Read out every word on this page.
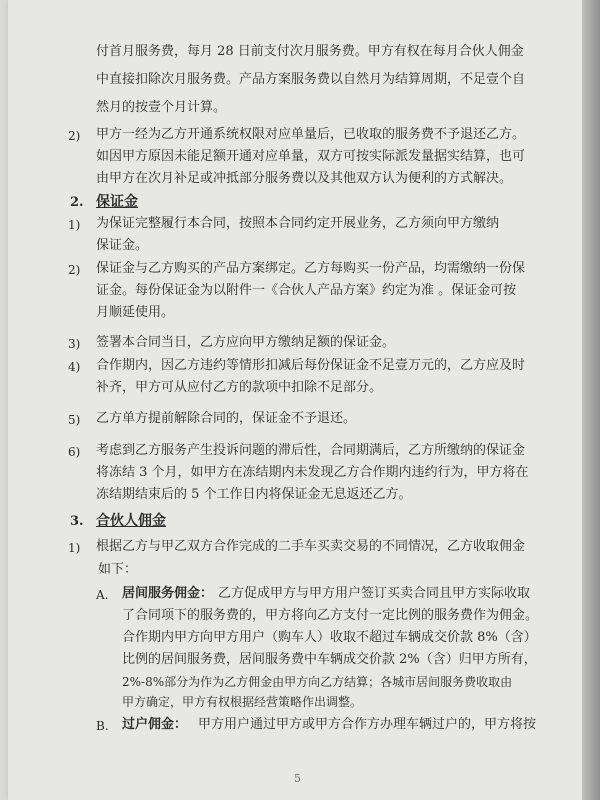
付首月服务费，每月 28 日前支付次月服务费。甲方有权在每月合伙人佣金
中直接扣除次月服务费。产品方案服务费以自然月为结算周期，不足壹个自
然月的按壹个月计算。
2) 甲方一经为乙方开通系统权限对应单量后，已收取的服务费不予退还乙方。
如因甲方原因未能足额开通对应单量，双方可按实际派发量据实结算，也可
由甲方在次月补足或冲抵部分服务费以及其他双方认为便利的方式解决。
2. 保证金
1) 为保证完整履行本合同，按照本合同约定开展业务，乙方须向甲方缴纳
保证金。
2) 保证金与乙方购买的产品方案绑定。乙方每购买一份产品，均需缴纳一份保
证金。每份保证金为以附件一《合伙人产品方案》约定为准 。保证金可按
月顺延使用。
3) 签署本合同当日，乙方应向甲方缴纳足额的保证金。
4) 合作期内，因乙方违约等情形扣减后每份保证金不足壹万元的，乙方应及时
补齐，甲方可从应付乙方的款项中扣除不足部分。
5) 乙方单方提前解除合同的，保证金不予退还。
6) 考虑到乙方服务产生投诉问题的滞后性，合同期满后，乙方所缴纳的保证金
将冻结 3 个月，如甲方在冻结期内未发现乙方合作期内违约行为，甲方将在
冻结期结束后的 5 个工作日内将保证金无息返还乙方。
3. 合伙人佣金
1) 根据乙方与甲乙双方合作完成的二手车买卖交易的不同情况，乙方收取佣金
如下：
A. 居间服务佣金： 乙方促成甲方与甲方用户签订买卖合同且甲方实际收取
了合同项下的服务费的，甲方将向乙方支付一定比例的服务费作为佣金。
合作期内甲方向甲方用户（购车人）收取不超过车辆成交价款 8%（含）
比例的居间服务费，居间服务费中车辆成交价款 2%（含）归甲方所有，
2%-8%部分为作为乙方佣金由甲方向乙方结算；各城市居间服务费收取由
甲方确定，甲方有权根据经营策略作出调整。
B. 过户佣金： 甲方用户通过甲方或甲方合作方办理车辆过户的，甲方将按
5
